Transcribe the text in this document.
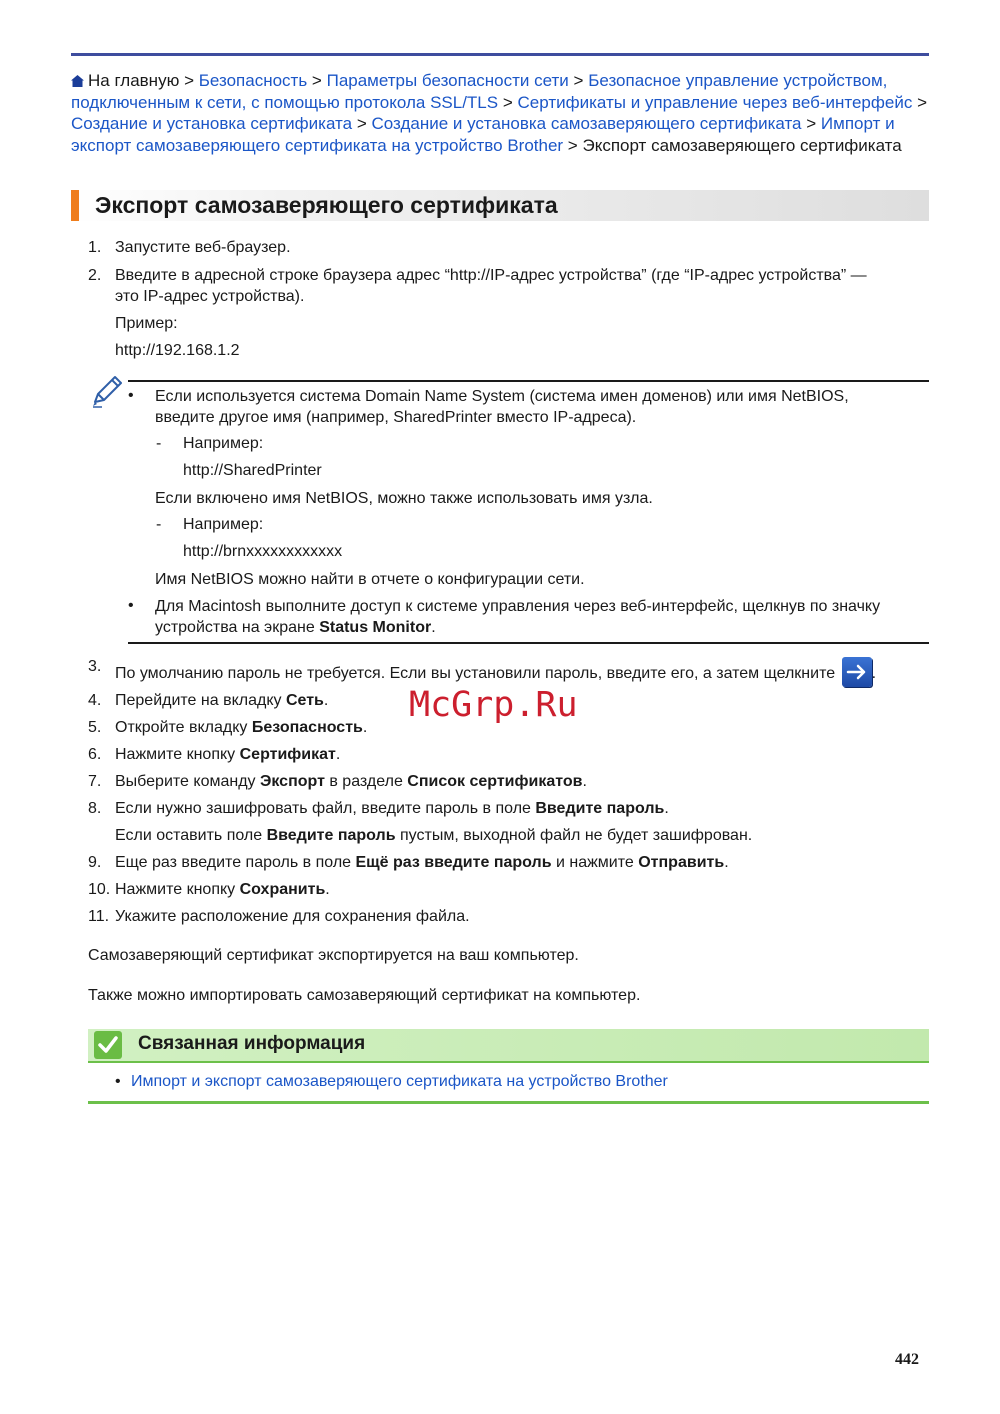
На главную > Безопасность > Параметры безопасности сети > Безопасное управление устройством, подключенным к сети, с помощью протокола SSL/TLS > Сертификаты и управление через веб-интерфейс > Создание и установка сертификата > Создание и установка самозаверяющего сертификата > Импорт и экспорт самозаверяющего сертификата на устройство Brother > Экспорт самозаверяющего сертификата
Экспорт самозаверяющего сертификата
1. Запустите веб-браузер.
2. Введите в адресной строке браузера адрес “http://IP-адрес устройства” (где “IP-адрес устройства” —
это IP-адрес устройства).
Пример:
http://192.168.1.2
• Если используется система Domain Name System (система имен доменов) или имя NetBIOS,
введите другое имя (например, SharedPrinter вместо IP-адреса).
- Например:
http://SharedPrinter
Если включено имя NetBIOS, можно также использовать имя узла.
- Например:
http://brnxxxxxxxxxxxx
Имя NetBIOS можно найти в отчете о конфигурации сети.
• Для Macintosh выполните доступ к системе управления через веб-интерфейс, щелкнув по значку
устройства на экране Status Monitor.
3. По умолчанию пароль не требуется. Если вы установили пароль, введите его, а затем щелкните .
McGrp.Ru
4. Перейдите на вкладку Сеть.
5. Откройте вкладку Безопасность.
6. Нажмите кнопку Сертификат.
7. Выберите команду Экспорт в разделе Список сертификатов.
8. Если нужно зашифровать файл, введите пароль в поле Введите пароль.
Если оставить поле Введите пароль пустым, выходной файл не будет зашифрован.
9. Еще раз введите пароль в поле Ещё раз введите пароль и нажмите Отправить.
10. Нажмите кнопку Сохранить.
11. Укажите расположение для сохранения файла.
Самозаверяющий сертификат экспортируется на ваш компьютер.
Также можно импортировать самозаверяющий сертификат на компьютер.
Связанная информация
• Импорт и экспорт самозаверяющего сертификата на устройство Brother
442
